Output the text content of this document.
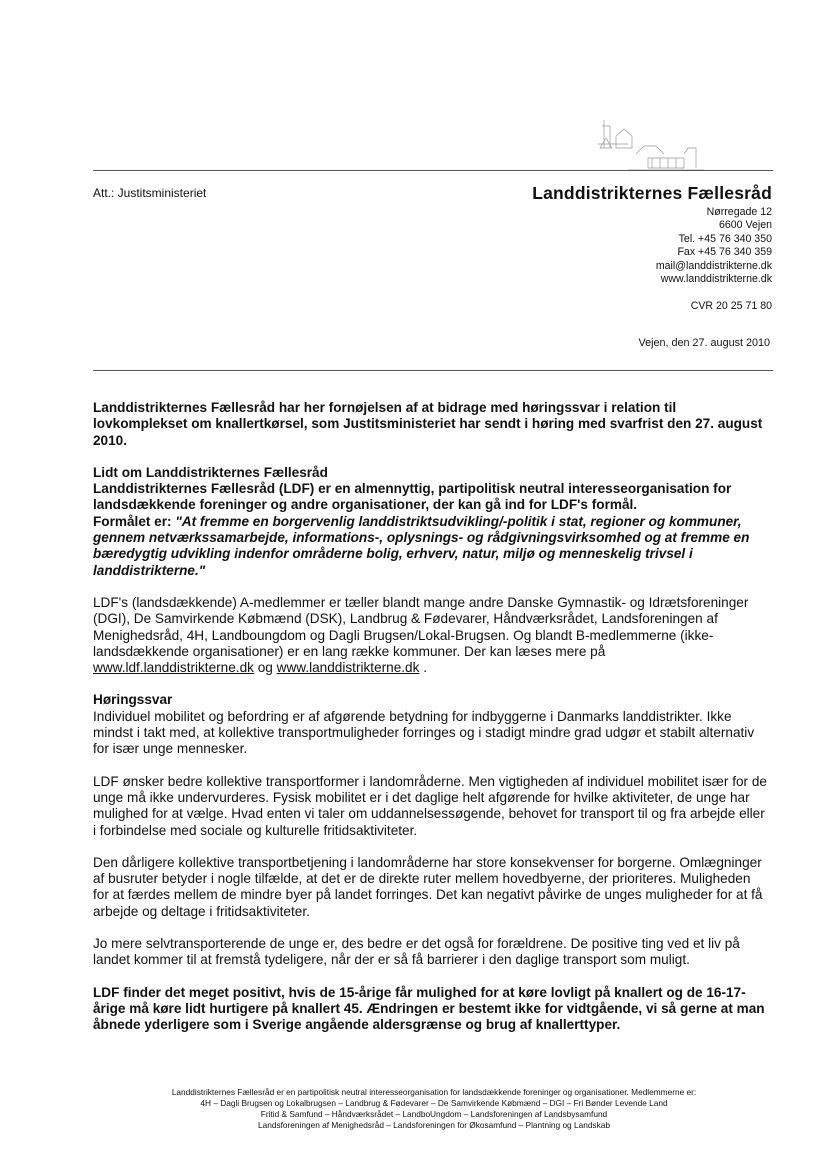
Att.: Justitsministeriet	Landdistrikternes Fællesråd
Nørregade 12
6600 Vejen
Tel. +45 76 340 350
Fax +45 76 340 359
mail@landdistrikterne.dk
www.landdistrikterne.dk
CVR 20 25 71 80
Vejen, den 27. august 2010

Landdistrikternes Fællesråd har her fornøjelsen af at bidrage med høringssvar i relation til lovkomplekset om knallertkørsel, som Justitsministeriet har sendt i høring med svarfrist den 27. august 2010.

Lidt om Landdistrikternes Fællesråd
Landdistrikternes Fællesråd (LDF) er en almennyttig, partipolitisk neutral interesseorganisation for landsdækkende foreninger og andre organisationer, der kan gå ind for LDF's formål.
Formålet er: "At fremme en borgervenlig landdistriktsudvikling/-politik i stat, regioner og kommuner, gennem netværkssamarbejde, informations-, oplysnings- og rådgivningsvirksomhed og at fremme en bæredygtig udvikling indenfor områderne bolig, erhverv, natur, miljø og menneskelig trivsel i landdistrikterne."

LDF's (landsdækkende) A-medlemmer er tæller blandt mange andre Danske Gymnastik- og Idrætsforeninger (DGI), De Samvirkende Købmænd (DSK), Landbrug & Fødevarer, Håndværksrådet, Landsforeningen af Menighedsråd, 4H, Landboungdom og Dagli Brugsen/Lokal-Brugsen. Og blandt B-medlemmerne (ikke-landsdækkende organisationer) er en lang række kommuner. Der kan læses mere på
www.ldf.landdistrikterne.dk og www.landdistrikterne.dk .

Høringssvar
Individuel mobilitet og befordring er af afgørende betydning for indbyggerne i Danmarks landdistrikter. Ikke mindst i takt med, at kollektive transportmuligheder forringes og i stadigt mindre grad udgør et stabilt alternativ for især unge mennesker.

LDF ønsker bedre kollektive transportformer i landområderne. Men vigtigheden af individuel mobilitet især for de unge må ikke undervurderes. Fysisk mobilitet er i det daglige helt afgørende for hvilke aktiviteter, de unge har mulighed for at vælge. Hvad enten vi taler om uddannelsessøgende, behovet for transport til og fra arbejde eller i forbindelse med sociale og kulturelle fritidsaktiviteter.

Den dårligere kollektive transportbetjening i landområderne har store konsekvenser for borgerne. Omlægninger af busruter betyder i nogle tilfælde, at det er de direkte ruter mellem hovedbyerne, der prioriteres. Muligheden for at færdes mellem de mindre byer på landet forringes. Det kan negativt påvirke de unges muligheder for at få arbejde og deltage i fritidsaktiviteter.

Jo mere selvtransporterende de unge er, des bedre er det også for forældrene. De positive ting ved et liv på landet kommer til at fremstå tydeligere, når der er så få barrierer i den daglige transport som muligt.

LDF finder det meget positivt, hvis de 15-årige får mulighed for at køre lovligt på knallert og de 16-17-årige må køre lidt hurtigere på knallert 45. Ændringen er bestemt ikke for vidtgående, vi så gerne at man åbnede yderligere som i Sverige angående aldersgrænse og brug af knallerttyper.

Landdistrikternes Fællesråd er en partipolitisk neutral interesseorganisation for landsdækkende foreninger og organisationer. Medlemmerne er:
4H – Dagli Brugsen og Lokalbrugsen – Landbrug & Fødevarer – De Samvirkende Købmænd – DGI – Fri Bønder Levende Land
Fritid & Samfund – Håndværksrådet – LandboUngdom – Landsforeningen af Landsbysamfund
Landsforeningen af Menighedsråd – Landsforeningen for Økosamfund – Plantning og Landskab
